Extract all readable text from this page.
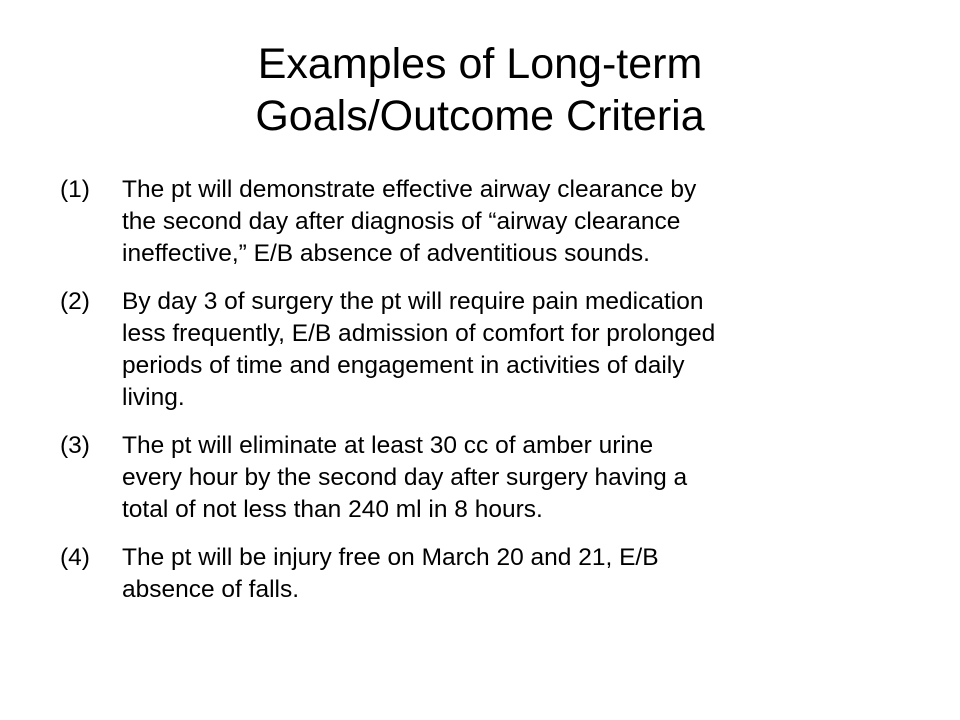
Examples of Long-term
Goals/Outcome Criteria
(1)	The pt will demonstrate effective airway clearance by
the second day after diagnosis of “airway clearance
ineffective,” E/B absence of adventitious sounds.
(2)	By day 3 of surgery the pt will require pain medication
less frequently, E/B admission of comfort for prolonged
periods of time and engagement in activities of daily
living.
(3)	The pt will eliminate at least 30 cc of amber urine
every hour by the second day after surgery having a
total of not less than 240 ml in 8 hours.
(4)	The pt will be injury free on March 20 and 21, E/B
absence of falls.
